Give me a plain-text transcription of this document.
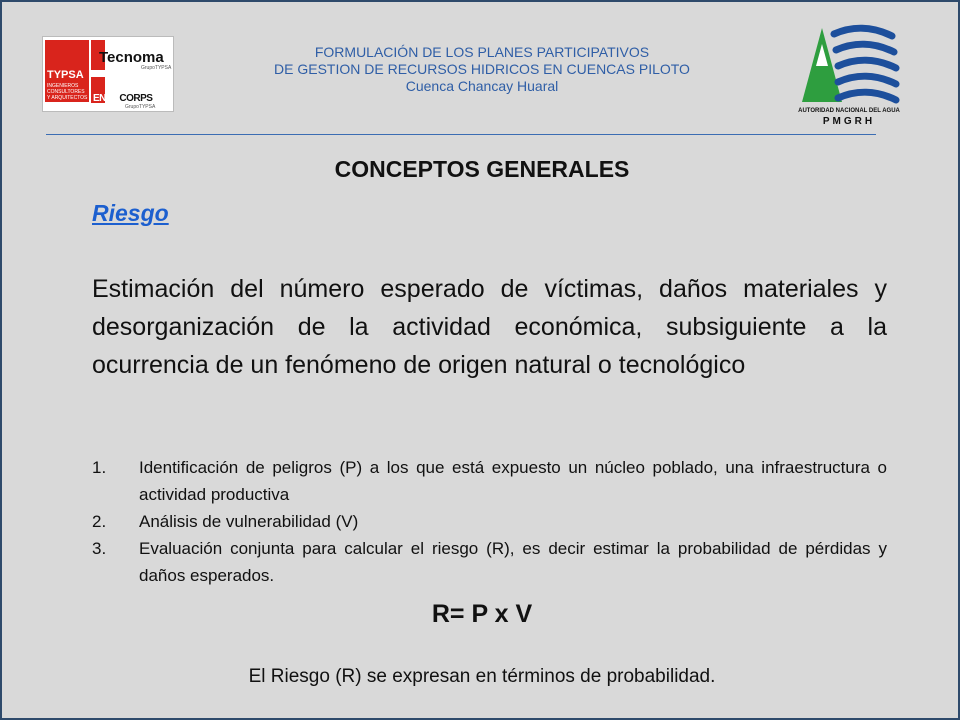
TYPSA
INGENIEROS CONSULTORES Y ARQUITECTOS
Tecnoma
GrupoTYPSA
ENGECORPS
GrupoTYPSA
FORMULACIÓN DE LOS PLANES PARTICIPATIVOS
DE GESTION DE RECURSOS HIDRICOS EN CUENCAS PILOTO
Cuenca Chancay Huaral
AUTORIDAD NACIONAL DEL AGUA
PMGRH
CONCEPTOS GENERALES
Riesgo
Estimación del número esperado de víctimas, daños materiales y desorganización de la actividad económica, subsiguiente a la ocurrencia de un fenómeno de origen natural o tecnológico
1. Identificación de peligros (P) a los que está expuesto un núcleo poblado, una infraestructura o actividad productiva
2. Análisis de vulnerabilidad (V)
3. Evaluación conjunta para calcular el riesgo (R), es decir estimar la probabilidad de pérdidas y daños esperados.
R= P x V
El Riesgo (R) se expresan en términos de probabilidad.
